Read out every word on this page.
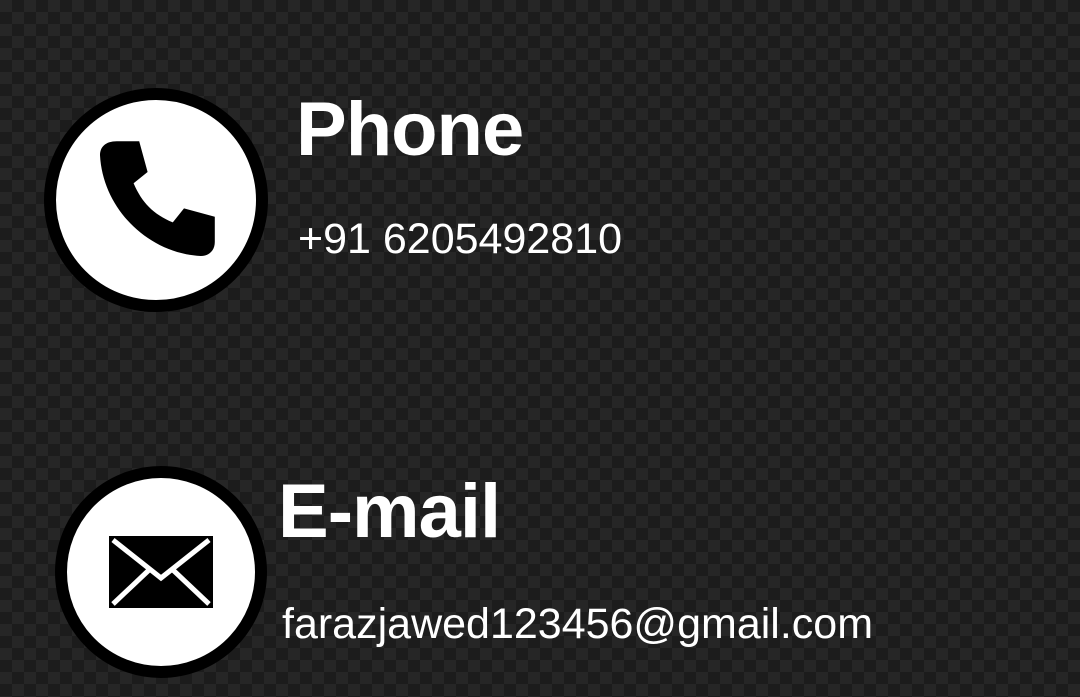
Phone
+91 6205492810
E-mail
farazjawed123456@gmail.com
